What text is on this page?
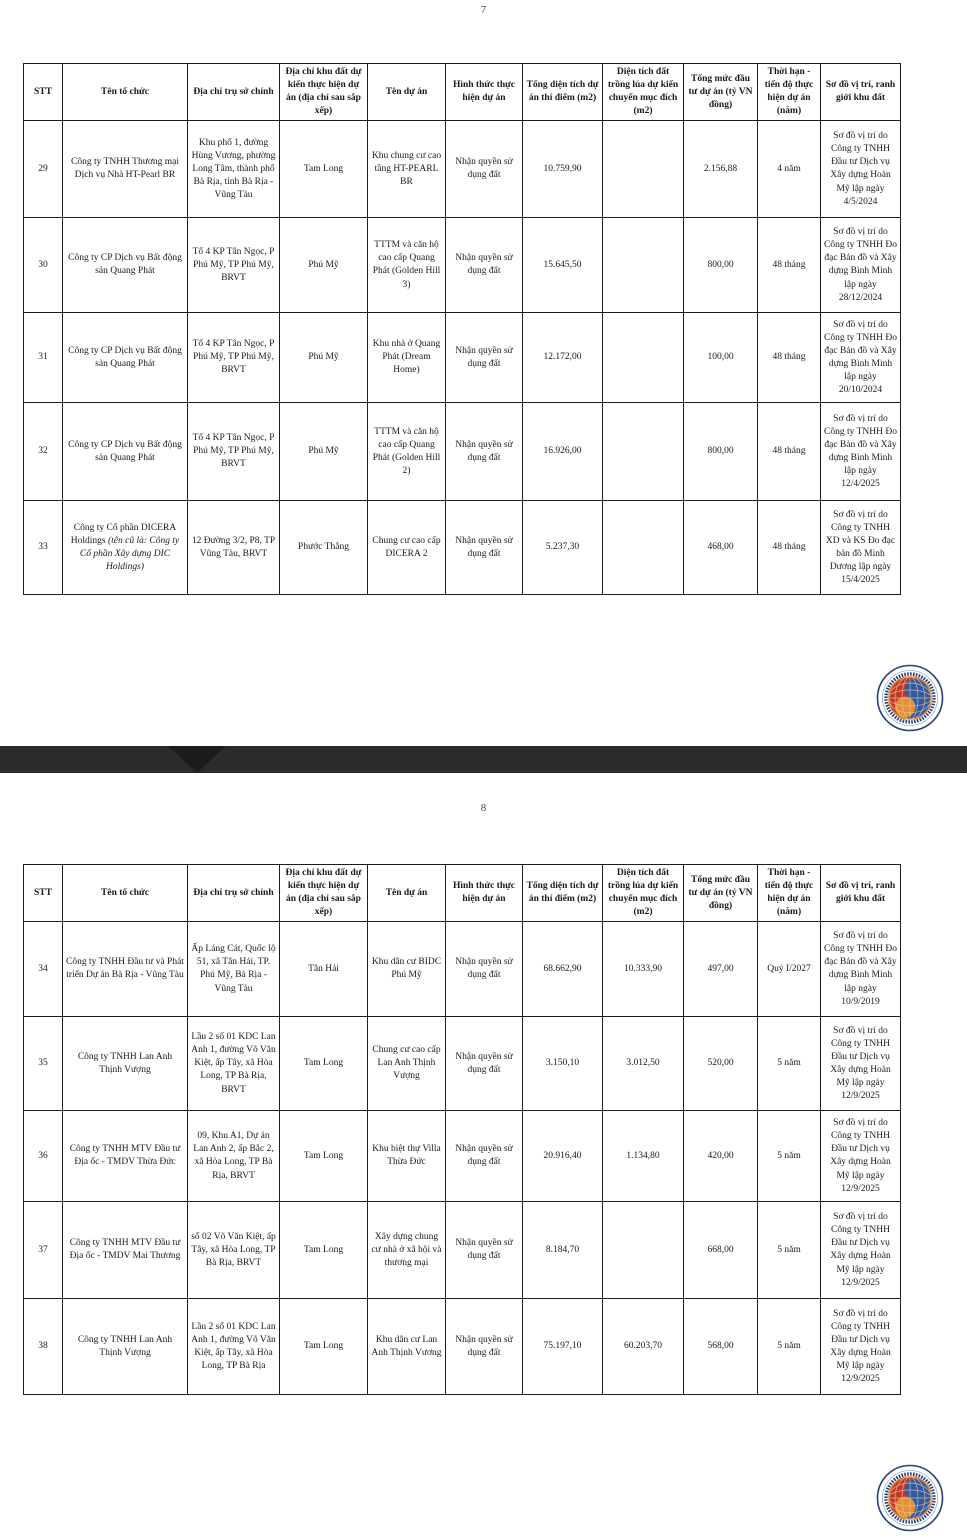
7
STT	Tên tổ chức	Địa chỉ trụ sở chính	Địa chỉ khu đất dự kiến thực hiện dự án (địa chỉ sau sắp xếp)	Tên dự án	Hình thức thực hiện dự án	Tổng diện tích dự án thí điểm (m2)	Diện tích đất trồng lúa dự kiến chuyển mục đích (m2)	Tổng mức đầu tư dự án (tỷ VN đồng)	Thời hạn - tiến độ thực hiện dự án (năm)	Sơ đồ vị trí, ranh giới khu đất
29	Công ty TNHH Thương mại Dịch vụ Nhà HT-Pearl BR	Khu phố 1, đường Hùng Vương, phường Long Tâm, thành phố Bà Rịa, tỉnh Bà Rịa - Vũng Tàu	Tam Long	Khu chung cư cao tầng HT-PEARL BR	Nhận quyền sử dụng đất	10.759,90		2.156,88	4 năm	Sơ đồ vị trí do Công ty TNHH Đầu tư Dịch vụ Xây dựng Hoàn Mỹ lập ngày 4/5/2024
30	Công ty CP Dịch vụ Bất động sản Quang Phát	Tổ 4 KP Tân Ngọc, P Phú Mỹ, TP Phú Mỹ, BRVT	Phú Mỹ	TTTM và căn hộ cao cấp Quang Phát (Golden Hill 3)	Nhận quyền sử dụng đất	15.645,50		800,00	48 tháng	Sơ đồ vị trí do Công ty TNHH Đo đạc Bản đồ và Xây dựng Bình Minh lập ngày 28/12/2024
31	Công ty CP Dịch vụ Bất động sản Quang Phát	Tổ 4 KP Tân Ngọc, P Phú Mỹ, TP Phú Mỹ, BRVT	Phú Mỹ	Khu nhà ở Quang Phát (Dream Home)	Nhận quyền sử dụng đất	12.172,00		100,00	48 tháng	Sơ đồ vị trí do Công ty TNHH Đo đạc Bản đồ và Xây dựng Bình Minh lập ngày 20/10/2024
32	Công ty CP Dịch vụ Bất động sản Quang Phát	Tổ 4 KP Tân Ngọc, P Phú Mỹ, TP Phú Mỹ, BRVT	Phú Mỹ	TTTM và căn hộ cao cấp Quang Phát (Golden Hill 2)	Nhận quyền sử dụng đất	16.926,00		800,00	48 tháng	Sơ đồ vị trí do Công ty TNHH Đo đạc Bản đồ và Xây dựng Bình Minh lập ngày 12/4/2025
33	Công ty Cổ phần DICERA Holdings (tên cũ là: Công ty Cổ phần Xây dựng DIC Holdings)	12 Đường 3/2, P8, TP Vũng Tàu, BRVT	Phước Thắng	Chung cư cao cấp DICERA 2	Nhận quyền sử dụng đất	5.237,30		468,00	48 tháng	Sơ đồ vị trí do Công ty TNHH XD và KS Đo đạc bản đồ Minh Dương lập ngày 15/4/2025
8
STT	Tên tổ chức	Địa chỉ trụ sở chính	Địa chỉ khu đất dự kiến thực hiện dự án (địa chỉ sau sắp xếp)	Tên dự án	Hình thức thực hiện dự án	Tổng diện tích dự án thí điểm (m2)	Diện tích đất trồng lúa dự kiến chuyển mục đích (m2)	Tổng mức đầu tư dự án (tỷ VN đồng)	Thời hạn - tiến độ thực hiện dự án (năm)	Sơ đồ vị trí, ranh giới khu đất
34	Công ty TNHH Đầu tư và Phát triển Dự án Bà Rịa - Vũng Tàu	Ấp Láng Cát, Quốc lộ 51, xã Tân Hải, TP. Phú Mỹ, Bà Rịa - Vũng Tàu	Tân Hải	Khu dân cư BIDC Phú Mỹ	Nhận quyền sử dụng đất	68.662,90	10.333,90	497,00	Quý I/2027	Sơ đồ vị trí do Công ty TNHH Đo đạc Bản đồ và Xây dựng Bình Minh lập ngày 10/9/2019
35	Công ty TNHH Lan Anh Thịnh Vượng	Lầu 2 số 01 KDC Lan Anh 1, đường Võ Văn Kiệt, ấp Tây, xã Hòa Long, TP Bà Rịa, BRVT	Tam Long	Chung cư cao cấp Lan Anh Thịnh Vượng	Nhận quyền sử dụng đất	3.150,10	3.012,50	520,00	5 năm	Sơ đồ vị trí do Công ty TNHH Đầu tư Dịch vụ Xây dựng Hoàn Mỹ lập ngày 12/9/2025
36	Công ty TNHH MTV Đầu tư Địa ốc - TMDV Thừa Đức	09, Khu A1, Dự án Lan Anh 2, ấp Bắc 2, xã Hòa Long, TP Bà Rịa, BRVT	Tam Long	Khu biệt thự Villa Thừa Đức	Nhận quyền sử dụng đất	20.916,40	1.134,80	420,00	5 năm	Sơ đồ vị trí do Công ty TNHH Đầu tư Dịch vụ Xây dựng Hoàn Mỹ lập ngày 12/9/2025
37	Công ty TNHH MTV Đầu tư Địa ốc - TMDV Mai Thương	số 02 Võ Văn Kiệt, ấp Tây, xã Hòa Long, TP Bà Rịa, BRVT	Tam Long	Xây dựng chung cư nhà ở xã hội và thương mại	Nhận quyền sử dụng đất	8.184,70		668,00	5 năm	Sơ đồ vị trí do Công ty TNHH Đầu tư Dịch vụ Xây dựng Hoàn Mỹ lập ngày 12/9/2025
38	Công ty TNHH Lan Anh Thịnh Vượng	Lầu 2 số 01 KDC Lan Anh 1, đường Võ Văn Kiệt, ấp Tây, xã Hòa Long, TP Bà Rịa	Tam Long	Khu dân cư Lan Anh Thịnh Vương	Nhận quyền sử dụng đất	75.197,10	60.203,70	568,00	5 năm	Sơ đồ vị trí do Công ty TNHH Đầu tư Dịch vụ Xây dựng Hoàn Mỹ lập ngày 12/9/2025
